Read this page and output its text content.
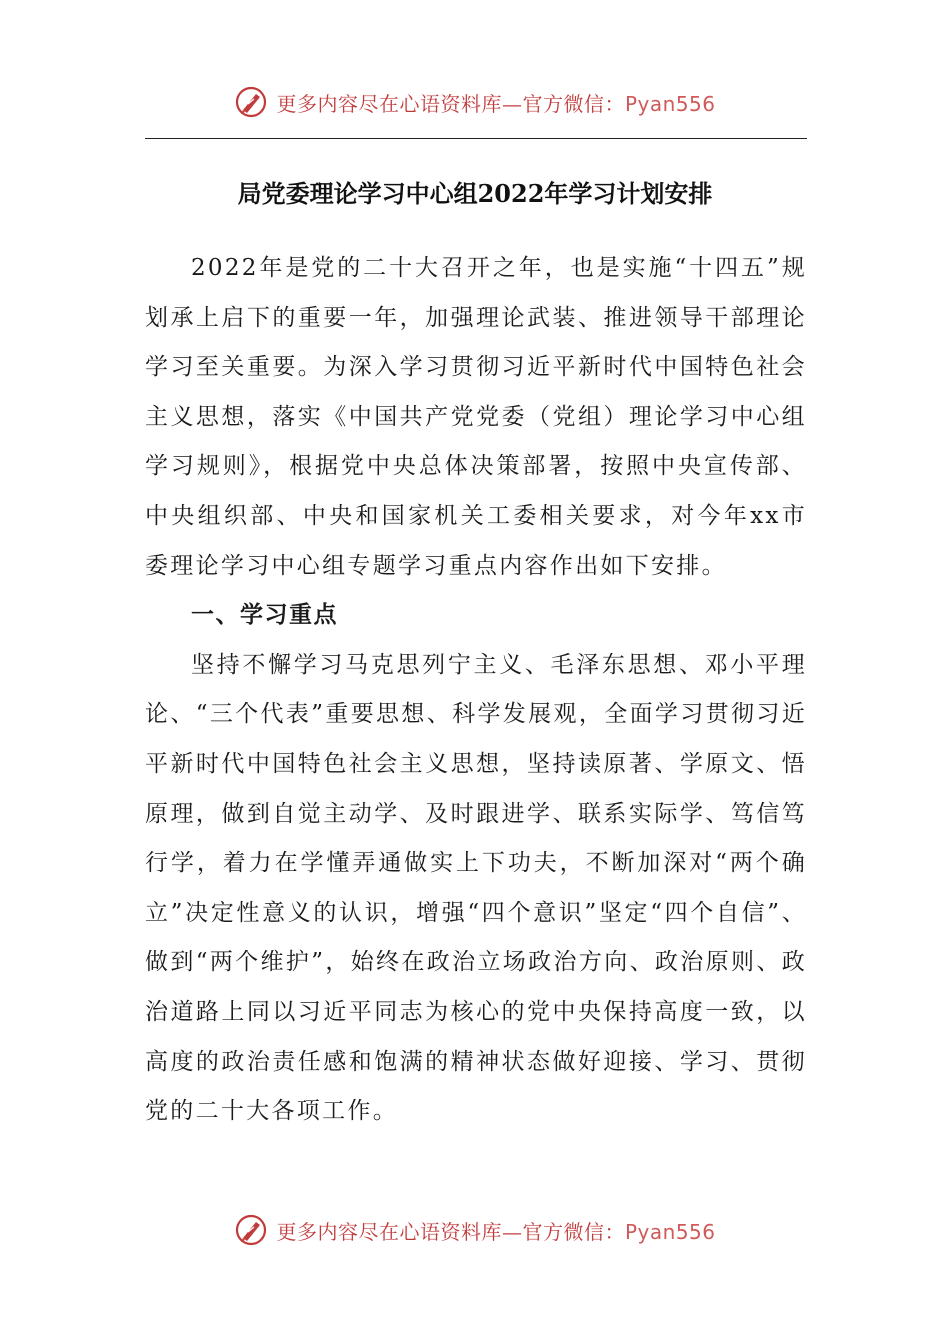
更多内容尽在心语资料库—官方微信：Pyan556
局党委理论学习中心组2022年学习计划安排

2022年是党的二十大召开之年，也是实施“十四五”规划承上启下的重要一年，加强理论武装、推进领导干部理论学习至关重要。为深入学习贯彻习近平新时代中国特色社会主义思想，落实《中国共产党党委（党组）理论学习中心组学习规则》，根据党中央总体决策部署，按照中央宣传部、中央组织部、中央和国家机关工委相关要求，对今年xx市委理论学习中心组专题学习重点内容作出如下安排。

一、学习重点

坚持不懈学习马克思列宁主义、毛泽东思想、邓小平理论、“三个代表”重要思想、科学发展观，全面学习贯彻习近平新时代中国特色社会主义思想，坚持读原著、学原文、悟原理，做到自觉主动学、及时跟进学、联系实际学、笃信笃行学，着力在学懂弄通做实上下功夫，不断加深对“两个确立”决定性意义的认识，增强“四个意识”坚定“四个自信”、做到“两个维护”，始终在政治立场政治方向、政治原则、政治道路上同以习近平同志为核心的党中央保持高度一致，以高度的政治责任感和饱满的精神状态做好迎接、学习、贯彻党的二十大各项工作。

更多内容尽在心语资料库—官方微信：Pyan556
